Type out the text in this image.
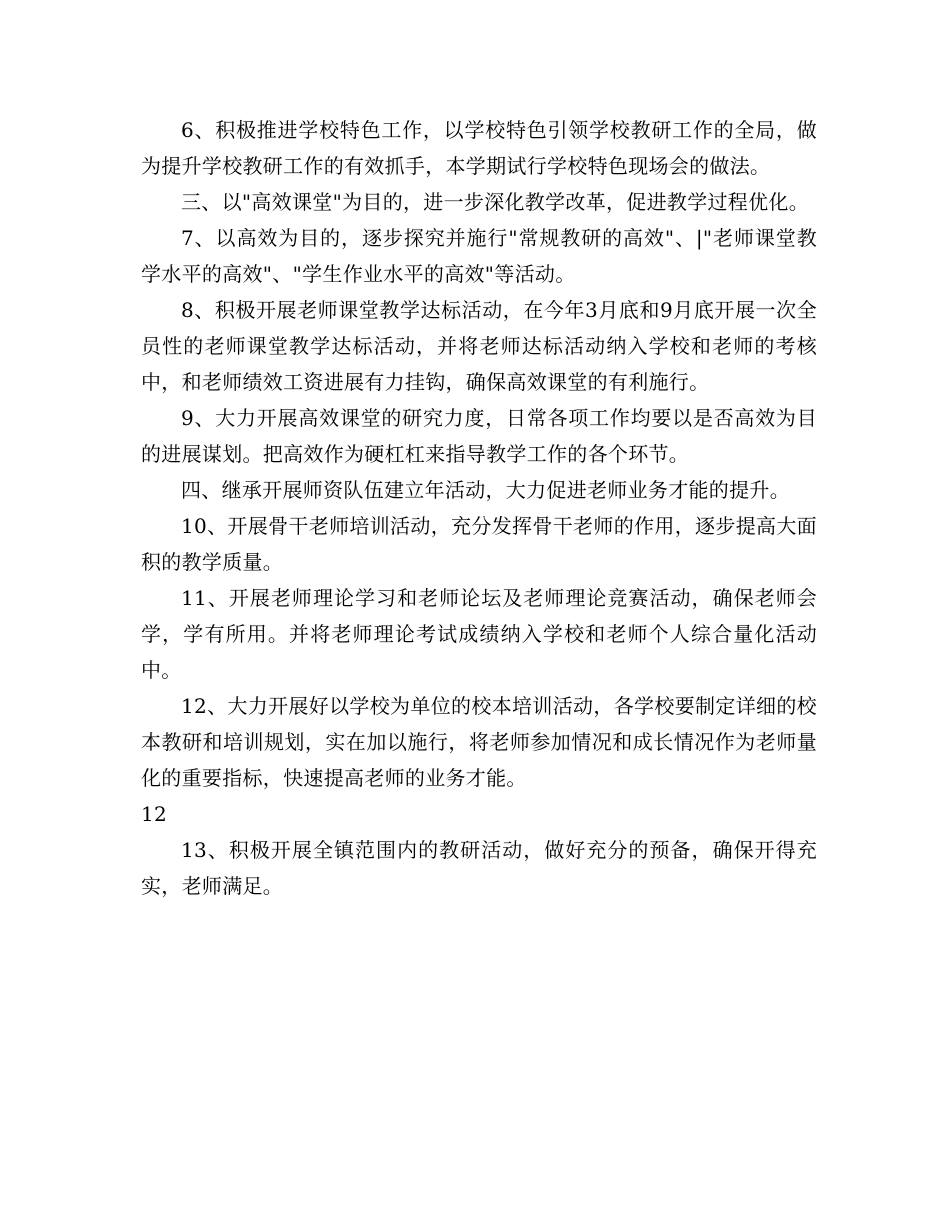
6、积极推进学校特色工作，以学校特色引领学校教研工作的全局，做为提升学校教研工作的有效抓手，本学期试行学校特色现场会的做法。

三、以"高效课堂"为目的，进一步深化教学改革，促进教学过程优化。

7、以高效为目的，逐步探究并施行"常规教研的高效"、|"老师课堂教学水平的高效"、"学生作业水平的高效"等活动。

8、积极开展老师课堂教学达标活动，在今年3月底和9月底开展一次全员性的老师课堂教学达标活动，并将老师达标活动纳入学校和老师的考核中，和老师绩效工资进展有力挂钩，确保高效课堂的有利施行。

9、大力开展高效课堂的研究力度，日常各项工作均要以是否高效为目的进展谋划。把高效作为硬杠杠来指导教学工作的各个环节。

四、继承开展师资队伍建立年活动，大力促进老师业务才能的提升。

10、开展骨干老师培训活动，充分发挥骨干老师的作用，逐步提高大面积的教学质量。

11、开展老师理论学习和老师论坛及老师理论竞赛活动，确保老师会学，学有所用。并将老师理论考试成绩纳入学校和老师个人综合量化活动中。

12、大力开展好以学校为单位的校本培训活动，各学校要制定详细的校本教研和培训规划，实在加以施行，将老师参加情况和成长情况作为老师量化的重要指标，快速提高老师的业务才能。

12

13、积极开展全镇范围内的教研活动，做好充分的预备，确保开得充实，老师满足。
